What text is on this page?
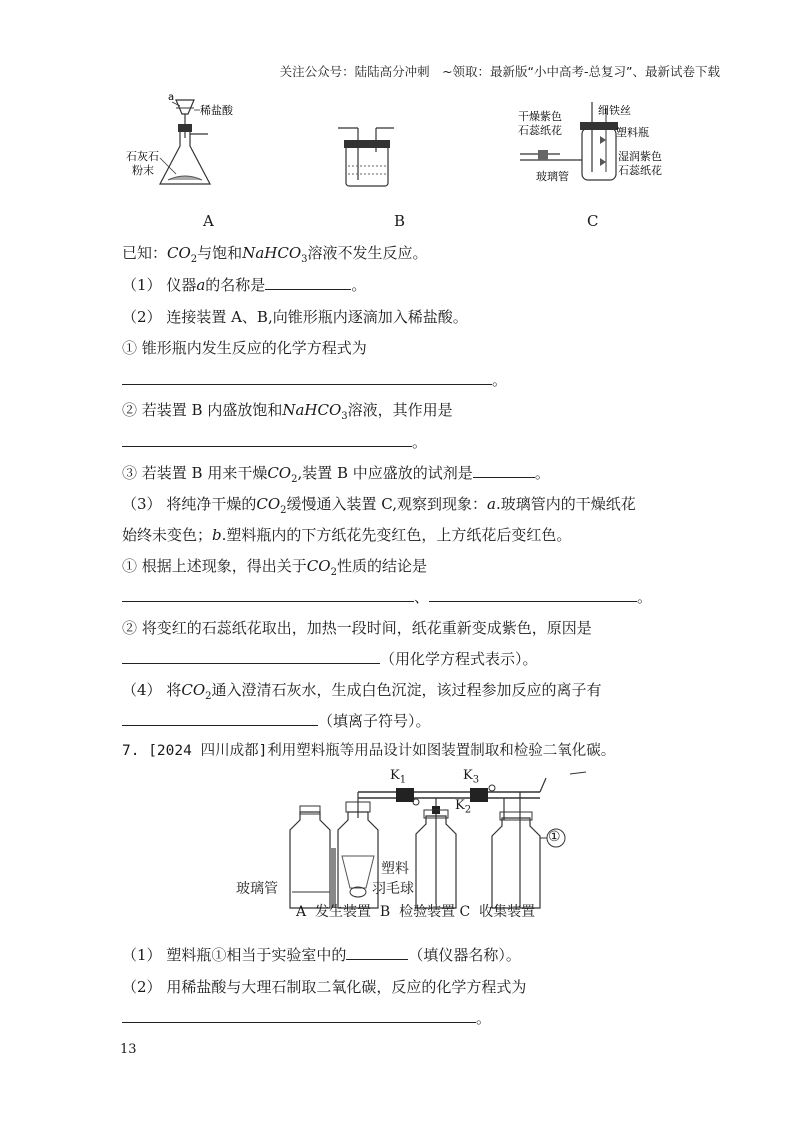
关注公众号：陆陆高分冲刺　~领取：最新版“小中高考-总复习”、最新试卷下载
a
稀盐酸
石灰石
粉末
干燥紫色
石蕊纸花
细铁丝
塑料瓶
湿润紫色
石蕊纸花
玻璃管
A	B	C
已知：$CO_2$与饱和NaHCO$_3$溶液不发生反应。
（1） 仪器a的名称是	。
（2） 连接装置 A、B,向锥形瓶内逐滴加入稀盐酸。
① 锥形瓶内发生反应的化学方程式为
。
② 若装置 B 内盛放饱和NaHCO$_3$溶液，其作用是
。
③ 若装置 B 用来干燥$CO_2$,装置 B 中应盛放的试剂是	。
（3） 将纯净干燥的$CO_2$缓慢通入装置 C,观察到现象：a.玻璃管内的干燥纸花
始终未变色；b.塑料瓶内的下方纸花先变红色，上方纸花后变红色。
① 根据上述现象，得出关于$CO_2$性质的结论是
、	。
② 将变红的石蕊纸花取出，加热一段时间，纸花重新变成紫色，原因是
（用化学方程式表示）。
（4） 将$CO_2$通入澄清石灰水，生成白色沉淀，该过程参加反应的离子有
（填离子符号）。
7. [2024 四川成都]利用塑料瓶等用品设计如图装置制取和检验二氧化碳。
$K_1$	$K_3$
$K_2$
①
塑料
羽毛球
玻璃管
A  发生装置  B  检验装置 C  收集装置
（1） 塑料瓶①相当于实验室中的	（填仪器名称）。
（2） 用稀盐酸与大理石制取二氧化碳，反应的化学方程式为
。
13
